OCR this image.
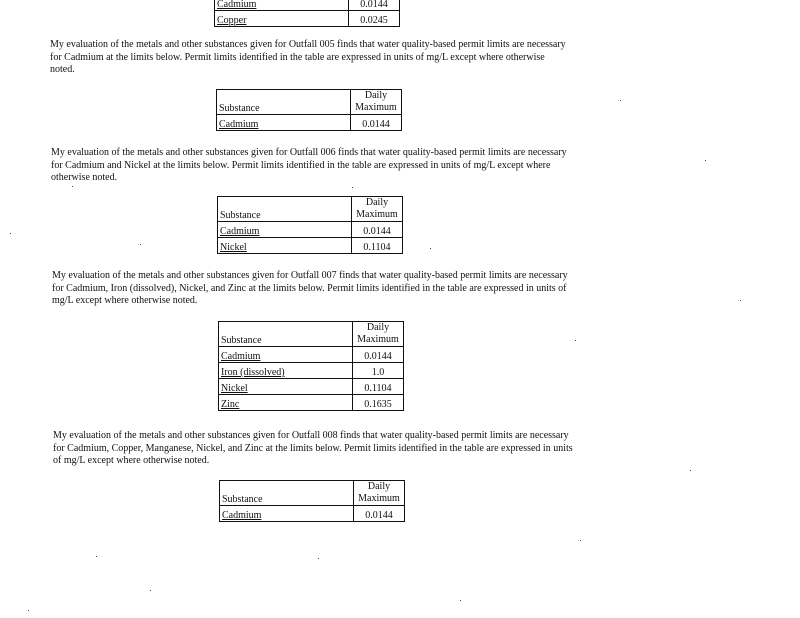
Cadmium	0.0144
Copper	0.0245

My evaluation of the metals and other substances given for Outfall 005 finds that water quality-based permit limits are necessary for Cadmium at the limits below. Permit limits identified in the table are expressed in units of mg/L except where otherwise noted.

Substance	Daily
Maximum
Cadmium	0.0144

My evaluation of the metals and other substances given for Outfall 006 finds that water quality-based permit limits are necessary for Cadmium and Nickel at the limits below. Permit limits identified in the table are expressed in units of mg/L except where otherwise noted.

Substance	Daily
Maximum
Cadmium	0.0144
Nickel	0.1104

My evaluation of the metals and other substances given for Outfall 007 finds that water quality-based permit limits are necessary for Cadmium, Iron (dissolved), Nickel, and Zinc at the limits below. Permit limits identified in the table are expressed in units of mg/L except where otherwise noted.

Substance	Daily
Maximum
Cadmium	0.0144
Iron (dissolved)	1.0
Nickel	0.1104
Zinc	0.1635

My evaluation of the metals and other substances given for Outfall 008 finds that water quality-based permit limits are necessary for Cadmium, Copper, Manganese, Nickel, and Zinc at the limits below. Permit limits identified in the table are expressed in units of mg/L except where otherwise noted.

Substance	Daily
Maximum
Cadmium	0.0144
